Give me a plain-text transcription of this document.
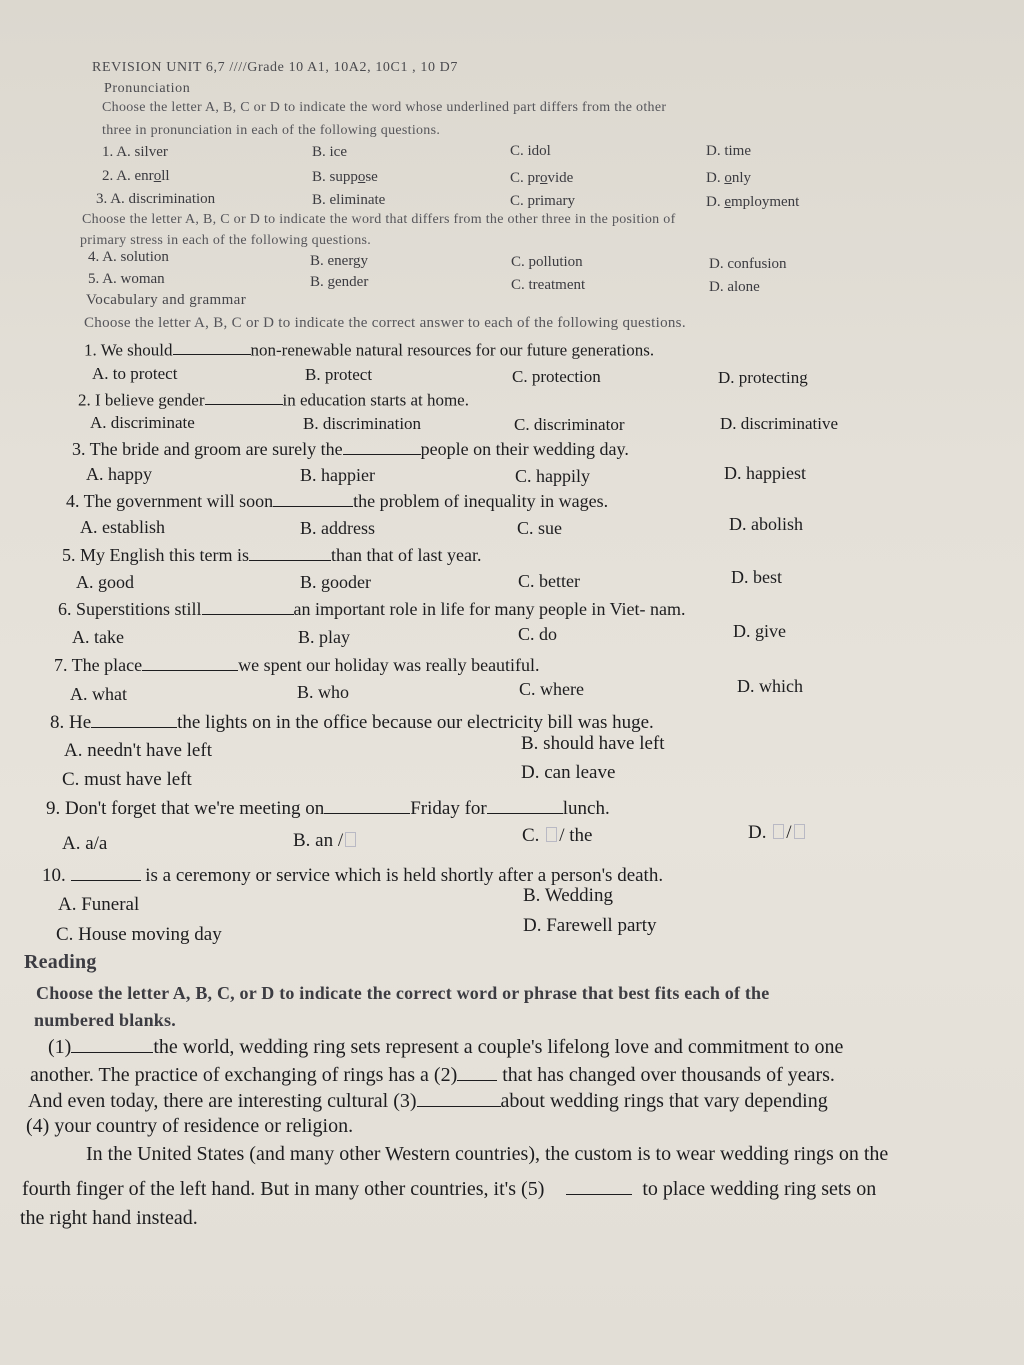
REVISION UNIT 6,7 ////Grade 10 A1, 10A2, 10C1 , 10 D7
Pronunciation
Choose the letter A, B, C or D to indicate the word whose underlined part differs from the other
three in pronunciation in each of the following questions.
1. A. silver	B. ice	C. idol	D. time
2. A. enroll	B. suppose	C. provide	D. only
3. A. discrimination	B. eliminate	C. primary	D. employment
Choose the letter A, B, C or D to indicate the word that differs from the other three in the position of
primary stress in each of the following questions.
4. A. solution	B. energy	C. pollution	D. confusion
5. A. woman	B. gender	C. treatment	D. alone
Vocabulary and grammar
Choose the letter A, B, C or D to indicate the correct answer to each of the following questions.
1. We should	non-renewable natural resources for our future generations.
A. to protect	B. protect	C. protection	D. protecting
2. I believe gender	in education starts at home.
A. discriminate	B. discrimination	C. discriminator	D. discriminative
3. The bride and groom are surely the	people on their wedding day.
A. happy	B. happier	C. happily	D. happiest
4. The government will soon	the problem of inequality in wages.
A. establish	B. address	C. sue	D. abolish
5. My English this term is	than that of last year.
A. good	B. gooder	C. better	D. best
6. Superstitions still	an important role in life for many people in Viet- nam.
A. take	B. play	C. do	D. give
7. The place	we spent our holiday was really beautiful.
A. what	B. who	C. where	D. which
8. He	the lights on in the office because our electricity bill was huge.
A. needn't have left	B. should have left
C. must have left	D. can leave
9. Don't forget that we're meeting on	Friday for	lunch.
A. a/a	B. an /	C. / the	D. /
10.	is a ceremony or service which is held shortly after a person's death.
A. Funeral	B. Wedding
C. House moving day	D. Farewell party
Reading
Choose the letter A, B, C, or D to indicate the correct word or phrase that best fits each of the
numbered blanks.
(1)	the world, wedding ring sets represent a couple's lifelong love and commitment to one
another. The practice of exchanging of rings has a (2) that has changed over thousands of years.
And even today, there are interesting cultural (3)	about wedding rings that vary depending
(4) your country of residence or religion.
In the United States (and many other Western countries), the custom is to wear wedding rings on the
fourth finger of the left hand. But in many other countries, it's (5)	to place wedding ring sets on
the right hand instead.
